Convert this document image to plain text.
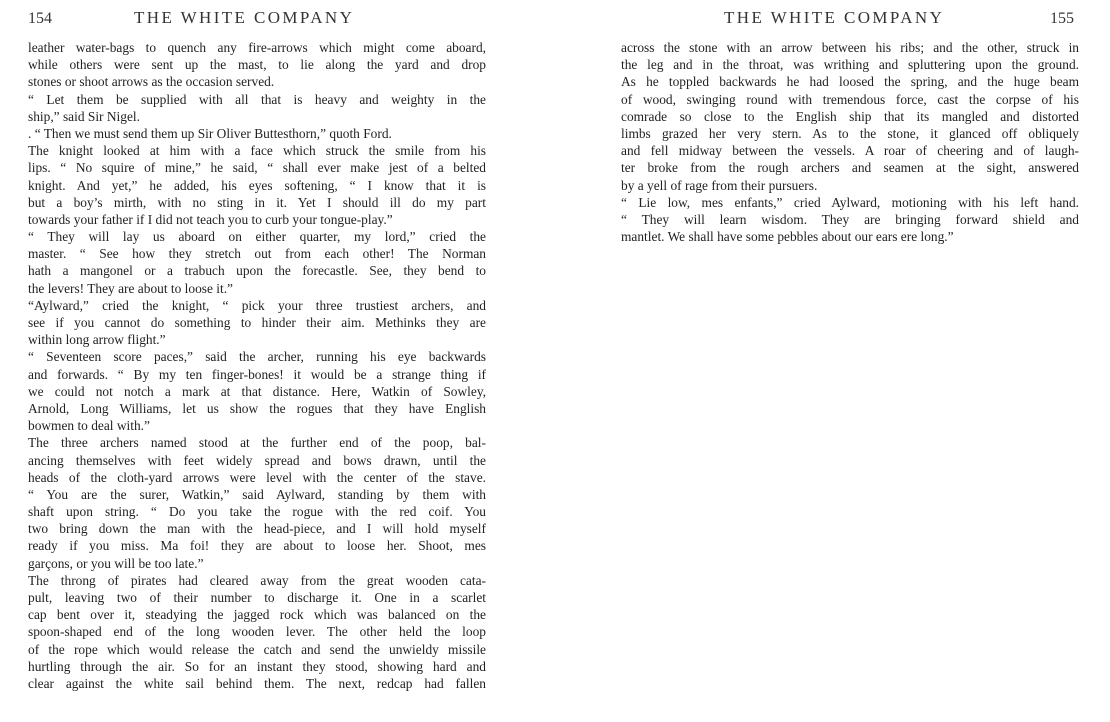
154	THE WHITE COMPANY
leather water-bags to quench any fire-arrows which might come aboard,
while others were sent up the mast, to lie along the yard and drop
stones or shoot arrows as the occasion served.
“ Let them be supplied with all that is heavy and weighty in the
ship,” said Sir Nigel.
. “ Then we must send them up Sir Oliver Buttesthorn,” quoth Ford.
The knight looked at him with a face which struck the smile from his
lips. “ No squire of mine,” he said, “ shall ever make jest of a belted
knight. And yet,” he added, his eyes softening, “ I know that it is
but a boy’s mirth, with no sting in it. Yet I should ill do my part
towards your father if I did not teach you to curb your tongue-play.”
“ They will lay us aboard on either quarter, my lord,” cried the
master. “ See how they stretch out from each other! The Norman
hath a mangonel or a trabuch upon the forecastle. See, they bend to
the levers! They are about to loose it.”
“Aylward,” cried the knight, “ pick your three trustiest archers, and
see if you cannot do something to hinder their aim. Methinks they are
within long arrow flight.”
“ Seventeen score paces,” said the archer, running his eye backwards
and forwards. “ By my ten finger-bones! it would be a strange thing if
we could not notch a mark at that distance. Here, Watkin of Sowley,
Arnold, Long Williams, let us show the rogues that they have English
bowmen to deal with.”
The three archers named stood at the further end of the poop, bal-
ancing themselves with feet widely spread and bows drawn, until the
heads of the cloth-yard arrows were level with the center of the stave.
“ You are the surer, Watkin,” said Aylward, standing by them with
shaft upon string. “ Do you take the rogue with the red coif. You
two bring down the man with the head-piece, and I will hold myself
ready if you miss. Ma foi! they are about to loose her. Shoot, mes
garçons, or you will be too late.”
The throng of pirates had cleared away from the great wooden cata-
pult, leaving two of their number to discharge it. One in a scarlet
cap bent over it, steadying the jagged rock which was balanced on the
spoon-shaped end of the long wooden lever. The other held the loop
of the rope which would release the catch and send the unwieldy missile
hurtling through the air. So for an instant they stood, showing hard and
clear against the white sail behind them. The next, redcap had fallen
THE WHITE COMPANY	155
across the stone with an arrow between his ribs; and the other, struck in
the leg and in the throat, was writhing and spluttering upon the ground.
As he toppled backwards he had loosed the spring, and the huge beam
of wood, swinging round with tremendous force, cast the corpse of his
comrade so close to the English ship that its mangled and distorted
limbs grazed her very stern. As to the stone, it glanced off obliquely
and fell midway between the vessels. A roar of cheering and of laugh-
ter broke from the rough archers and seamen at the sight, answered
by a yell of rage from their pursuers.
“ Lie low, mes enfants,” cried Aylward, motioning with his left hand.
“ They will learn wisdom. They are bringing forward shield and
mantlet. We shall have some pebbles about our ears ere long.”
